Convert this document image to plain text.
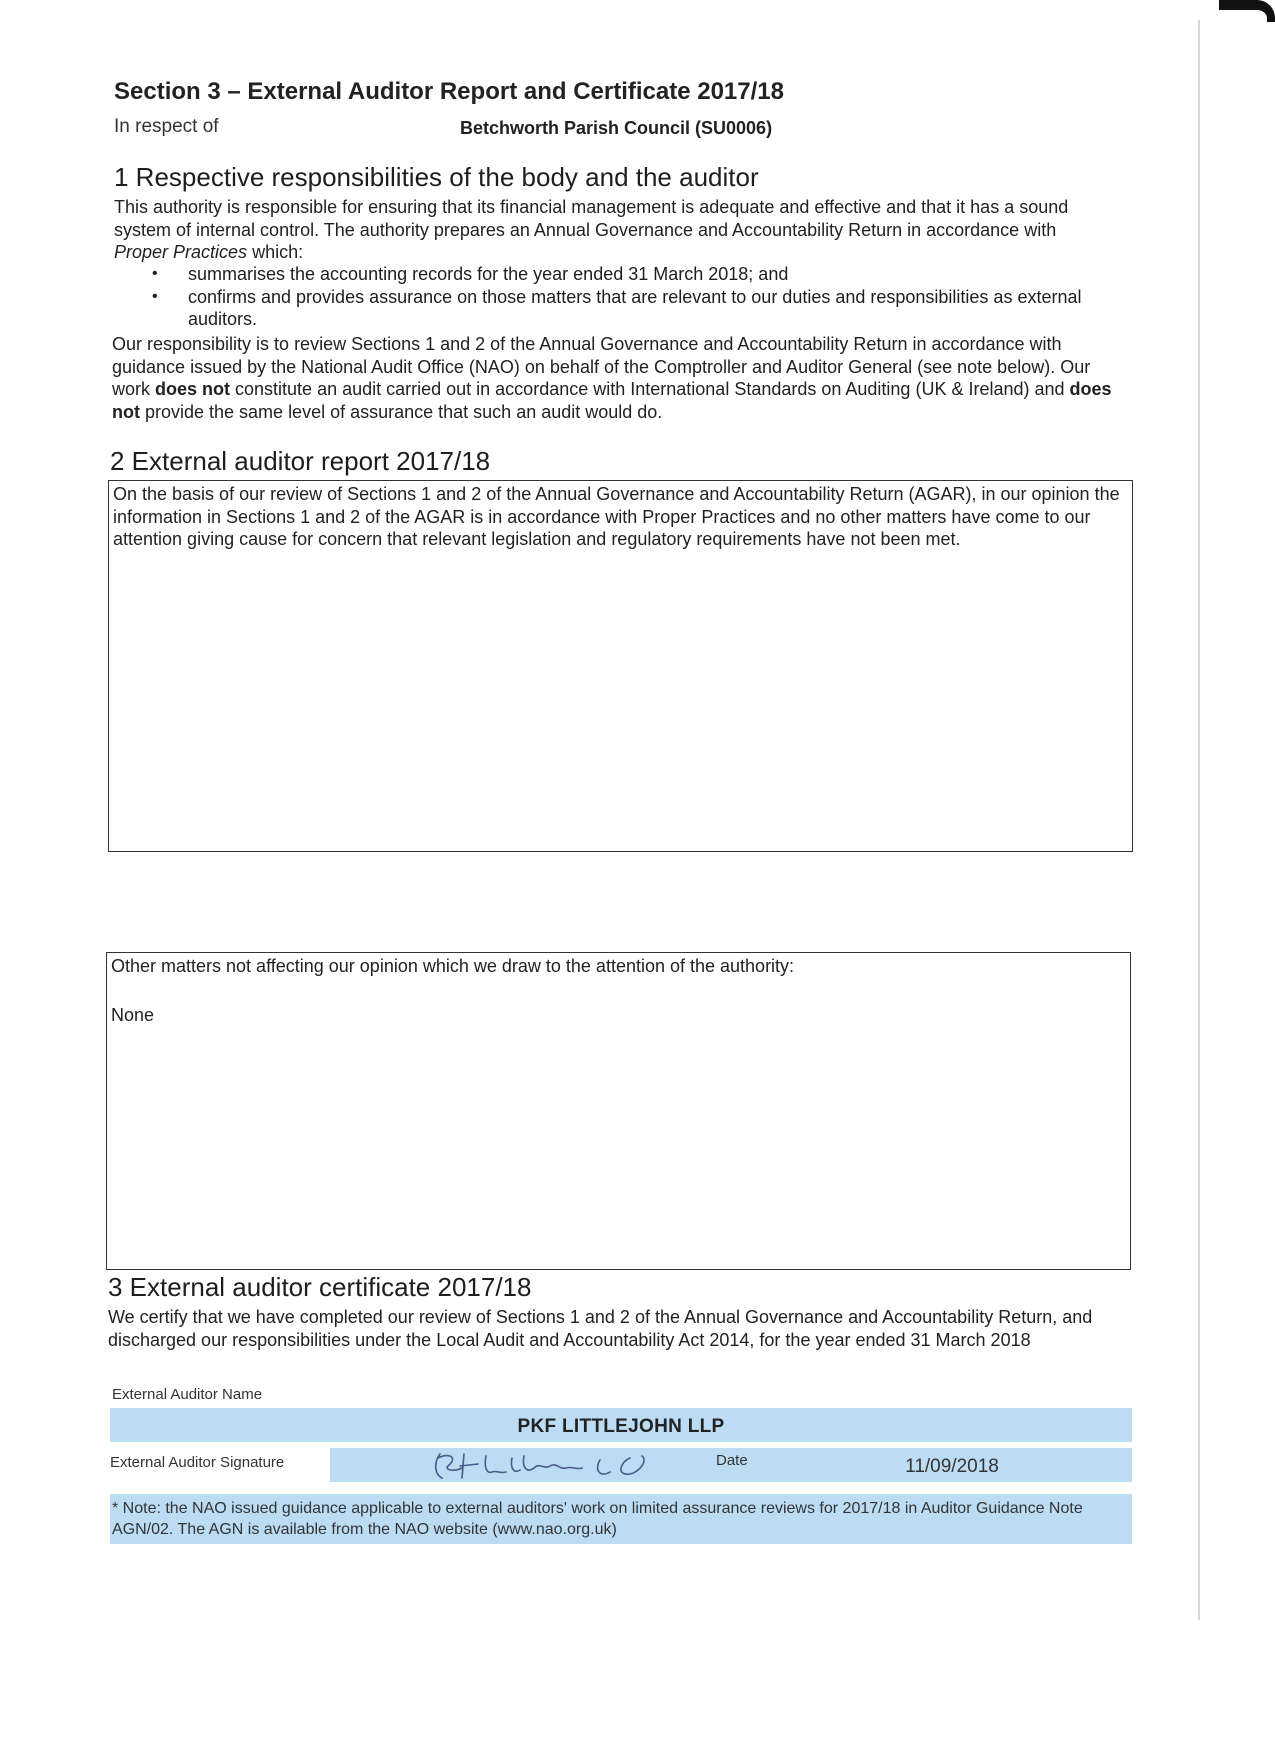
Section 3 – External Auditor Report and Certificate 2017/18
In respect of	Betchworth Parish Council (SU0006)
1 Respective responsibilities of the body and the auditor

This authority is responsible for ensuring that its financial management is adequate and effective and that it has a sound system of internal control. The authority prepares an Annual Governance and Accountability Return in accordance with Proper Practices which:

• summarises the accounting records for the year ended 31 March 2018; and
• confirms and provides assurance on those matters that are relevant to our duties and responsibilities as external auditors.

Our responsibility is to review Sections 1 and 2 of the Annual Governance and Accountability Return in accordance with guidance issued by the National Audit Office (NAO) on behalf of the Comptroller and Auditor General (see note below). Our work does not constitute an audit carried out in accordance with International Standards on Auditing (UK & Ireland) and does not provide the same level of assurance that such an audit would do.

2 External auditor report 2017/18

On the basis of our review of Sections 1 and 2 of the Annual Governance and Accountability Return (AGAR), in our opinion the information in Sections 1 and 2 of the AGAR is in accordance with Proper Practices and no other matters have come to our attention giving cause for concern that relevant legislation and regulatory requirements have not been met.

Other matters not affecting our opinion which we draw to the attention of the authority:

None

3 External auditor certificate 2017/18

We certify that we have completed our review of Sections 1 and 2 of the Annual Governance and Accountability Return, and discharged our responsibilities under the Local Audit and Accountability Act 2014, for the year ended 31 March 2018

External Auditor Name
PKF LITTLEJOHN LLP
External Auditor Signature	Date	11/09/2018

* Note: the NAO issued guidance applicable to external auditors' work on limited assurance reviews for 2017/18 in Auditor Guidance Note AGN/02. The AGN is available from the NAO website (www.nao.org.uk)
